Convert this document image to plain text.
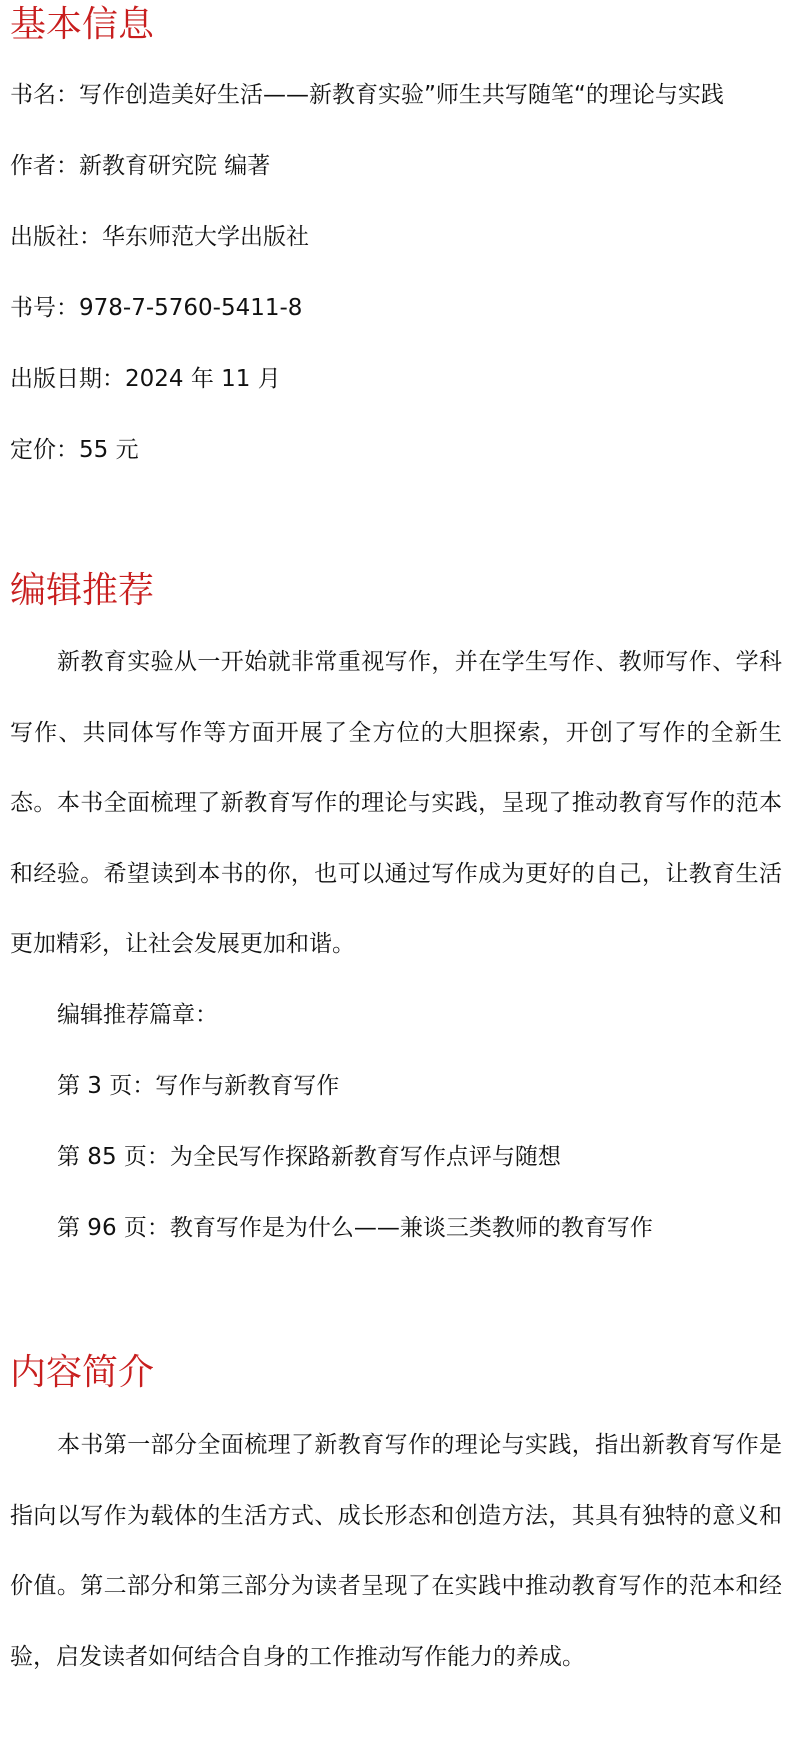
基本信息

书名：写作创造美好生活——新教育实验”师生共写随笔“的理论与实践

作者：新教育研究院 编著

出版社：华东师范大学出版社

书号：978-7-5760-5411-8

出版日期：2024 年 11 月

定价：55 元

编辑推荐

新教育实验从一开始就非常重视写作，并在学生写作、教师写作、学科写作、共同体写作等方面开展了全方位的大胆探索，开创了写作的全新生态。本书全面梳理了新教育写作的理论与实践，呈现了推动教育写作的范本和经验。希望读到本书的你，也可以通过写作成为更好的自己，让教育生活更加精彩，让社会发展更加和谐。

编辑推荐篇章：

第 3 页：写作与新教育写作

第 85 页：为全民写作探路新教育写作点评与随想

第 96 页：教育写作是为什么——兼谈三类教师的教育写作

内容简介

本书第一部分全面梳理了新教育写作的理论与实践，指出新教育写作是指向以写作为载体的生活方式、成长形态和创造方法，其具有独特的意义和价值。第二部分和第三部分为读者呈现了在实践中推动教育写作的范本和经验，启发读者如何结合自身的工作推动写作能力的养成。
